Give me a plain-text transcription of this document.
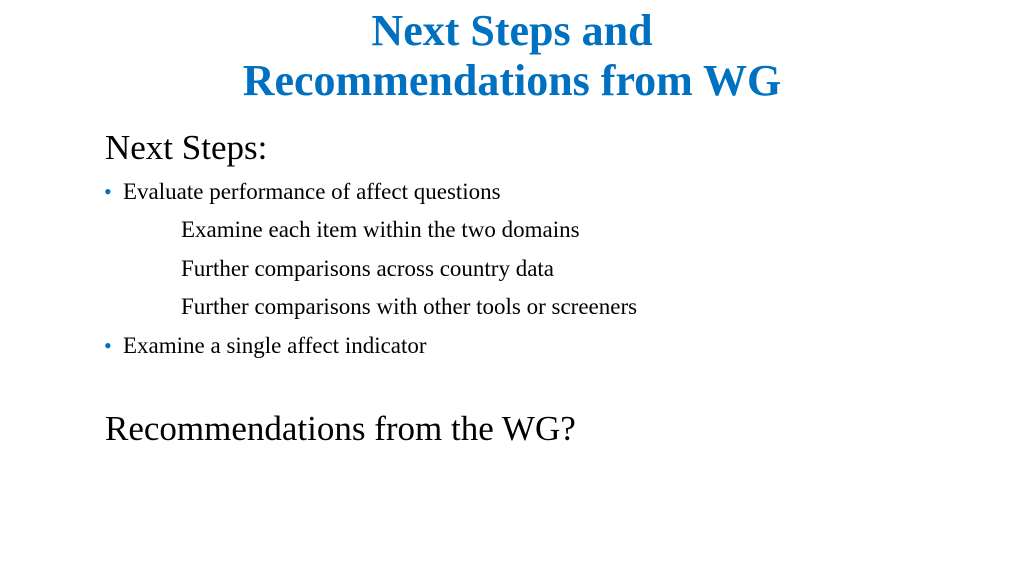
Next Steps and
Recommendations from WG
Next Steps:
• Evaluate performance of affect questions
Examine each item within the two domains
Further comparisons across country data
Further comparisons with other tools or screeners
• Examine a single affect indicator
Recommendations from the WG?
